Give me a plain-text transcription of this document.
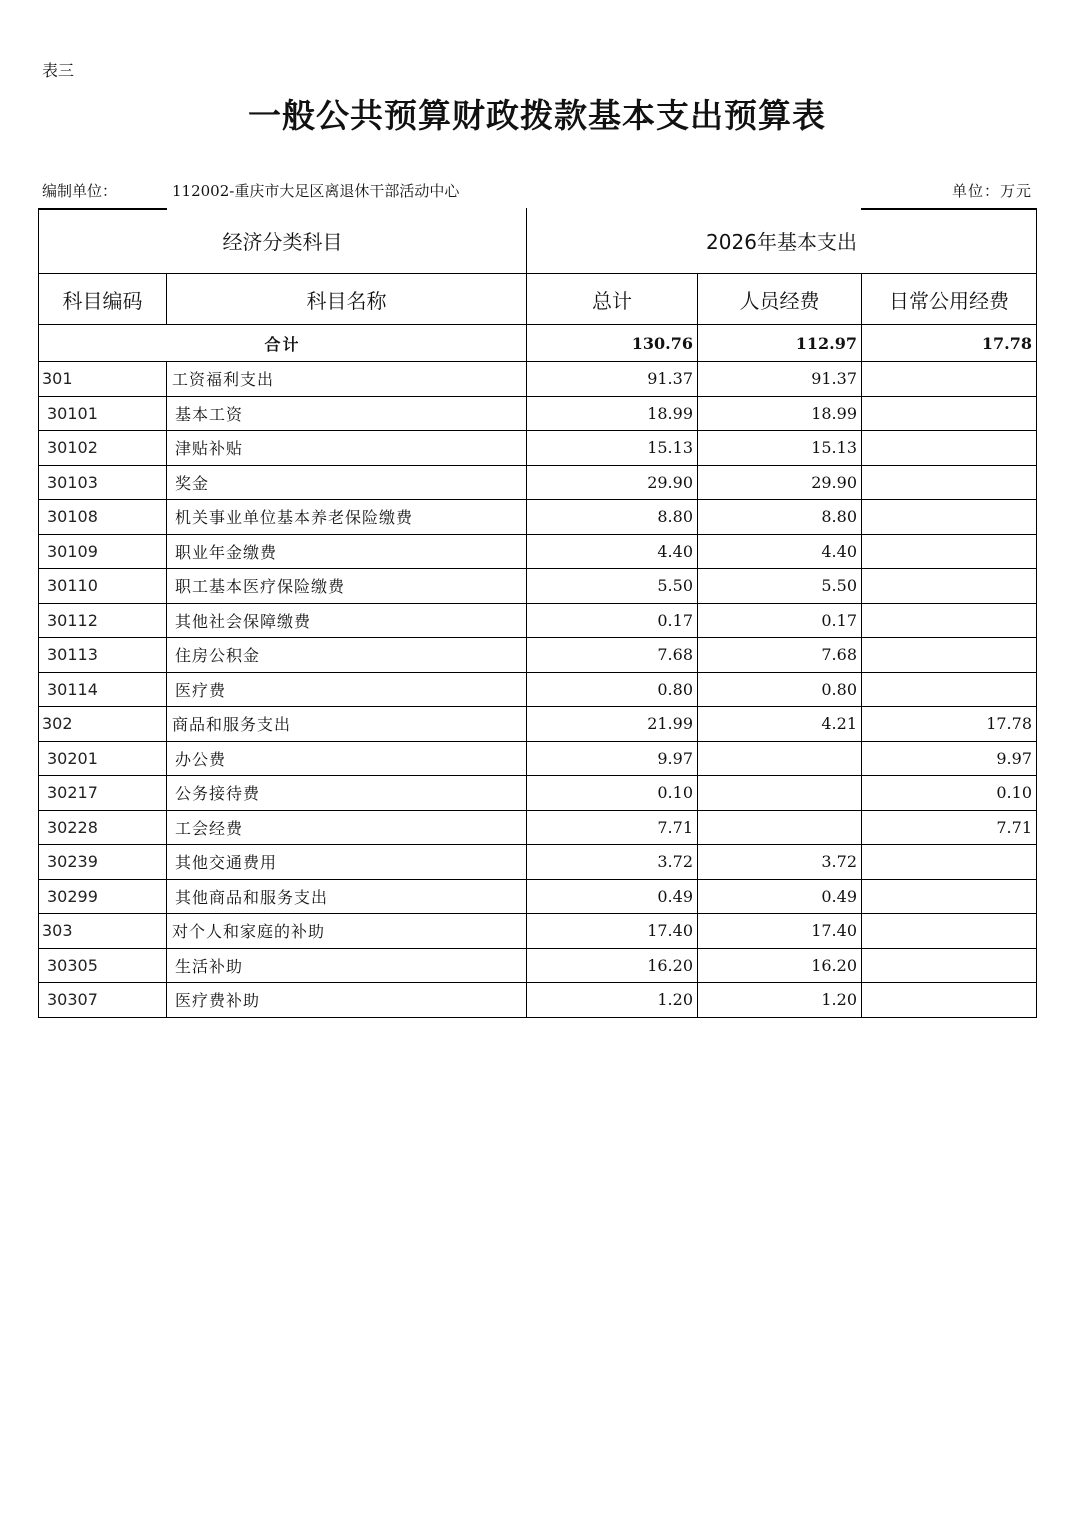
表三
一般公共预算财政拨款基本支出预算表
编制单位：	112002-重庆市大足区离退休干部活动中心	单位：万元
经济分类科目		2026年基本支出		
科目编码	科目名称	总计	人员经费	日常公用经费
合计		130.76	112.97	17.78
301	工资福利支出	91.37	91.37	
30101	基本工资	18.99	18.99	
30102	津贴补贴	15.13	15.13	
30103	奖金	29.90	29.90	
30108	机关事业单位基本养老保险缴费	8.80	8.80	
30109	职业年金缴费	4.40	4.40	
30110	职工基本医疗保险缴费	5.50	5.50	
30112	其他社会保障缴费	0.17	0.17	
30113	住房公积金	7.68	7.68	
30114	医疗费	0.80	0.80	
302	商品和服务支出	21.99	4.21	17.78
30201	办公费	9.97		9.97
30217	公务接待费	0.10		0.10
30228	工会经费	7.71		7.71
30239	其他交通费用	3.72	3.72	
30299	其他商品和服务支出	0.49	0.49	
303	对个人和家庭的补助	17.40	17.40	
30305	生活补助	16.20	16.20	
30307	医疗费补助	1.20	1.20	
